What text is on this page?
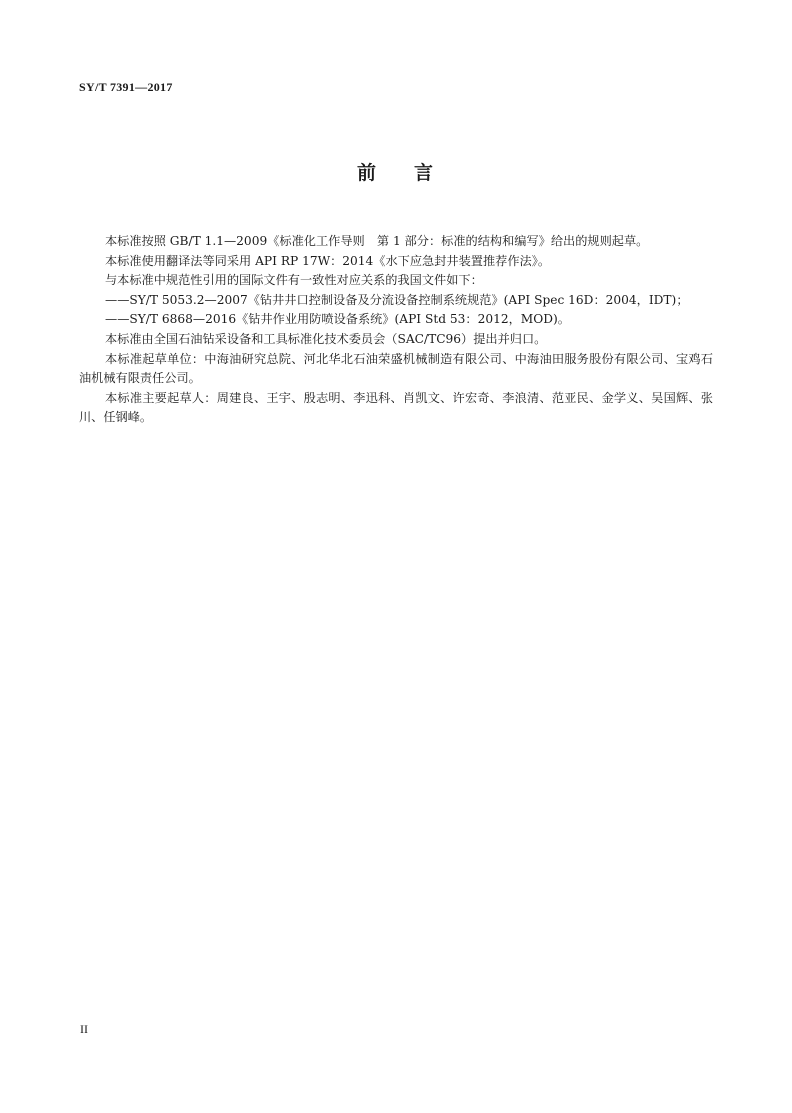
SY/T 7391—2017
前 言

本标准按照 GB/T 1.1—2009《标准化工作导则　第 1 部分：标准的结构和编写》给出的规则起草。

本标准使用翻译法等同采用 API RP 17W：2014《水下应急封井装置推荐作法》。

与本标准中规范性引用的国际文件有一致性对应关系的我国文件如下：

——SY/T 5053.2—2007《钻井井口控制设备及分流设备控制系统规范》(API Spec 16D：2004，IDT)；

——SY/T 6868—2016《钻井作业用防喷设备系统》(API Std 53：2012，MOD)。

本标准由全国石油钻采设备和工具标准化技术委员会（SAC/TC96）提出并归口。

本标准起草单位：中海油研究总院、河北华北石油荣盛机械制造有限公司、中海油田服务股份有限公司、宝鸡石油机械有限责任公司。

本标准主要起草人：周建良、王宇、殷志明、李迅科、肖凯文、许宏奇、李浪清、范亚民、金学义、吴国辉、张川、任钢峰。

II
